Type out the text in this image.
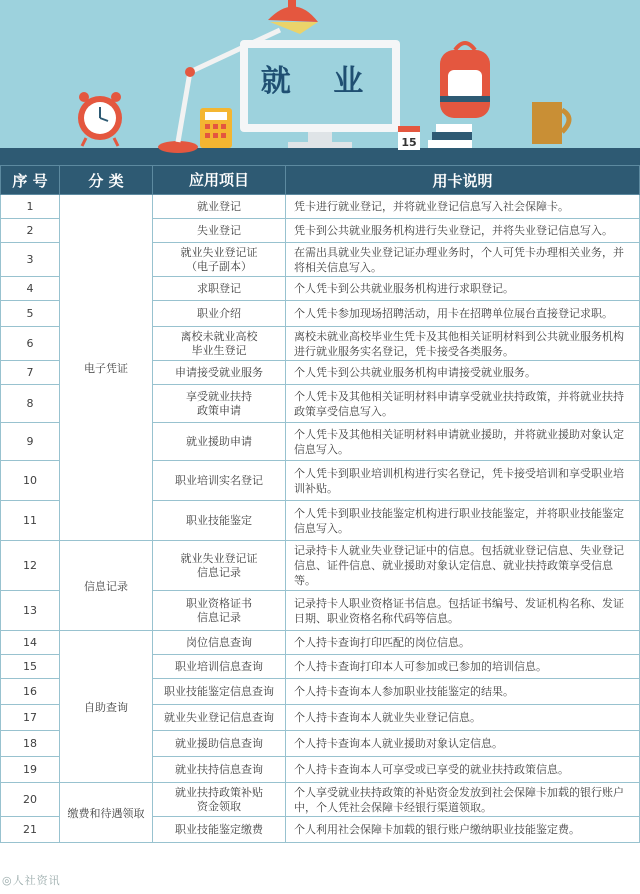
就 业
15
序 号	分 类	应用项目	用卡说明
1	电子凭证	就业登记	凭卡进行就业登记，并将就业登记信息写入社会保障卡。
2		失业登记	凭卡到公共就业服务机构进行失业登记，并将失业登记信息写入。
3		就业失业登记证
（电子副本）	在需出具就业失业登记证办理业务时，个人可凭卡办理相关业务，并将相关信息写入。
4		求职登记	个人凭卡到公共就业服务机构进行求职登记。
5		职业介绍	个人凭卡参加现场招聘活动，用卡在招聘单位展台直接登记求职。
6		离校未就业高校
毕业生登记	离校未就业高校毕业生凭卡及其他相关证明材料到公共就业服务机构进行就业服务实名登记，凭卡接受各类服务。
7		申请接受就业服务	个人凭卡到公共就业服务机构申请接受就业服务。
8		享受就业扶持
政策申请	个人凭卡及其他相关证明材料申请享受就业扶持政策，并将就业扶持政策享受信息写入。
9		就业援助申请	个人凭卡及其他相关证明材料申请就业援助，并将就业援助对象认定信息写入。
10		职业培训实名登记	个人凭卡到职业培训机构进行实名登记，凭卡接受培训和享受职业培训补贴。
11		职业技能鉴定	个人凭卡到职业技能鉴定机构进行职业技能鉴定，并将职业技能鉴定信息写入。
12	信息记录	就业失业登记证
信息记录	记录持卡人就业失业登记证中的信息。包括就业登记信息、失业登记信息、证件信息、就业援助对象认定信息、就业扶持政策享受信息等。
13		职业资格证书
信息记录	记录持卡人职业资格证书信息。包括证书编号、发证机构名称、发证日期、职业资格名称代码等信息。
14	自助查询	岗位信息查询	个人持卡查询打印匹配的岗位信息。
15		职业培训信息查询	个人持卡查询打印本人可参加或已参加的培训信息。
16		职业技能鉴定信息查询	个人持卡查询本人参加职业技能鉴定的结果。
17		就业失业登记信息查询	个人持卡查询本人就业失业登记信息。
18		就业援助信息查询	个人持卡查询本人就业援助对象认定信息。
19		就业扶持信息查询	个人持卡查询本人可享受或已享受的就业扶持政策信息。
20	缴费和待遇领取	就业扶持政策补贴
资金领取	个人享受就业扶持政策的补贴资金发放到社会保障卡加载的银行账户中，个人凭社会保障卡经银行渠道领取。
21		职业技能鉴定缴费	个人利用社会保障卡加载的银行账户缴纳职业技能鉴定费。
◎人社资讯
